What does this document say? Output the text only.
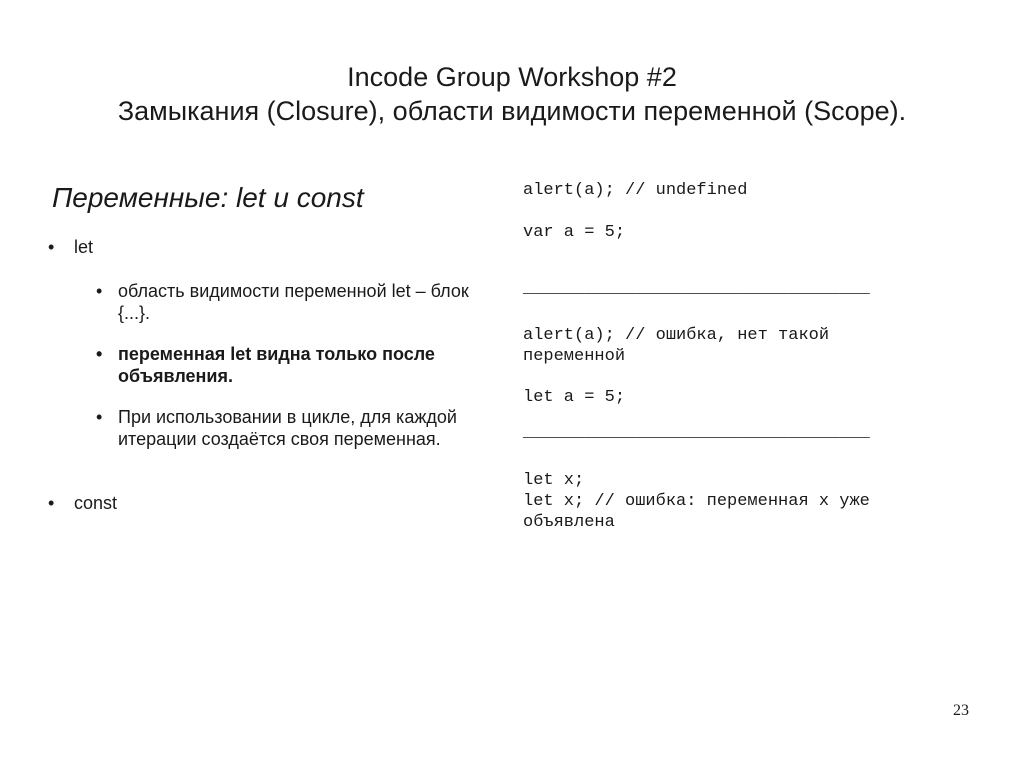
Incode Group Workshop #2
Замыкания (Closure), области видимости переменной (Scope).
Переменные: let и const
• let
• область видимости переменной let – блок {...}.
• переменная let видна только после объявления.
• При использовании в цикле, для каждой итерации создаётся своя переменная.
• const
alert(a); // undefined
var a = 5;
__________________________________
alert(a); // ошибка, нет такой
переменной
let a = 5;
__________________________________
let x;
let x; // ошибка: переменная x уже
объявлена
23
